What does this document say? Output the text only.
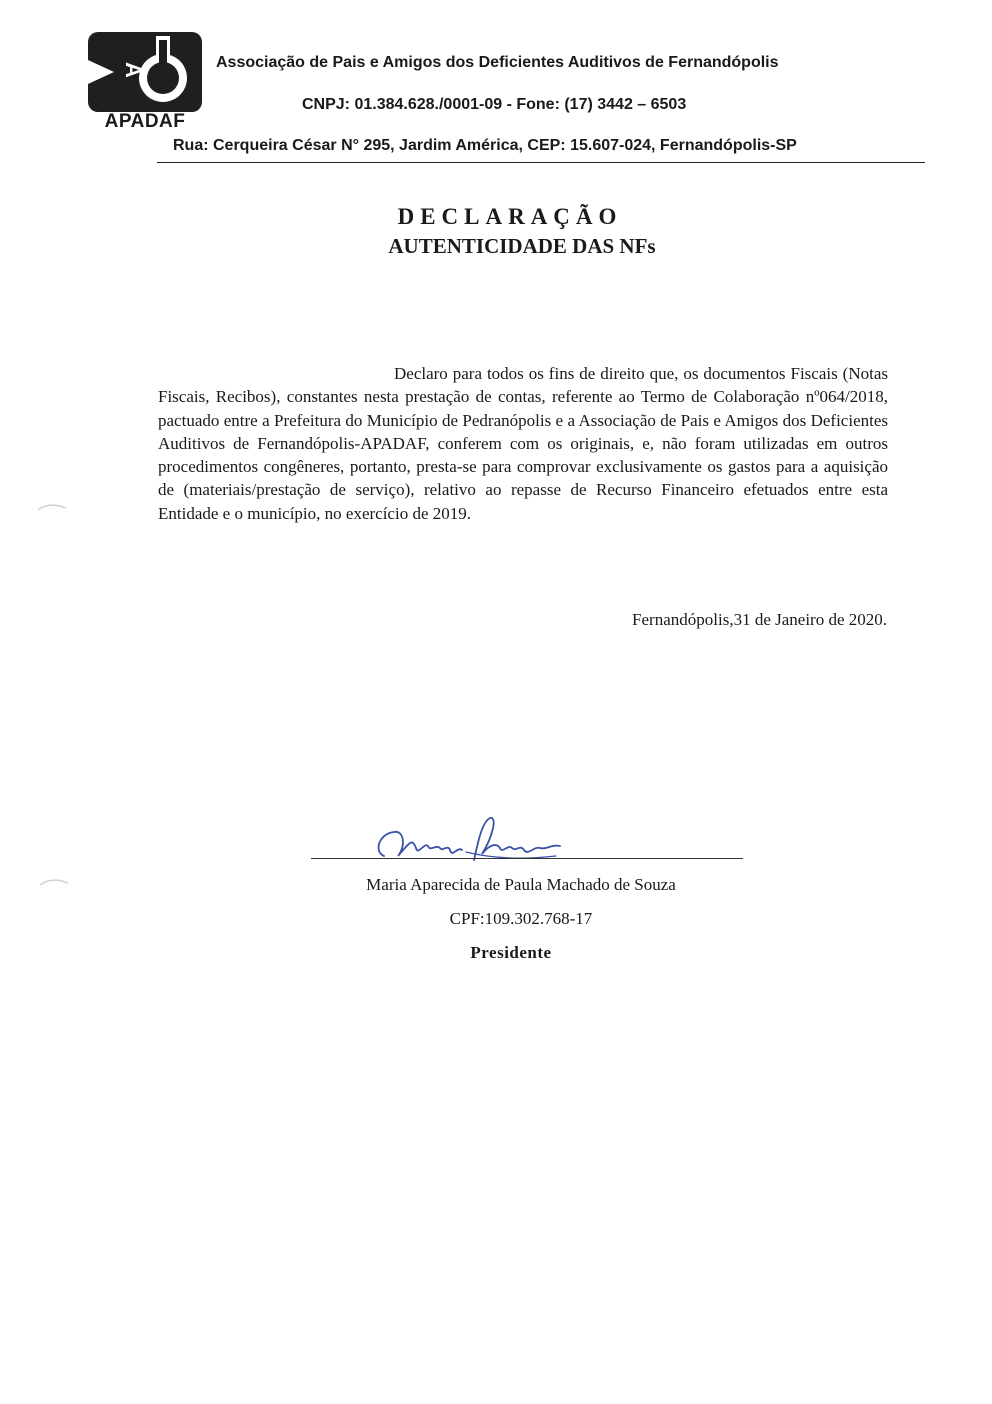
A
APADAF
Associação de Pais e Amigos dos Deficientes Auditivos de Fernandópolis
CNPJ: 01.384.628./0001-09 - Fone: (17) 3442 – 6503
Rua: Cerqueira César N° 295, Jardim América, CEP: 15.607-024, Fernandópolis-SP
DECLARAÇÃO
AUTENTICIDADE DAS NFs
Declaro para todos os fins de direito que, os documentos Fiscais (Notas Fiscais, Recibos), constantes nesta prestação de contas, referente ao Termo de Colaboração nº064/2018, pactuado entre a Prefeitura do Município de Pedranópolis e a Associação de Pais e Amigos dos Deficientes Auditivos de Fernandópolis-APADAF, conferem com os originais, e, não foram utilizadas em outros procedimentos congêneres, portanto, presta-se para comprovar exclusivamente os gastos para a aquisição de (materiais/prestação de serviço), relativo ao repasse de Recurso Financeiro efetuados entre esta Entidade e o município, no exercício de 2019.
Fernandópolis,31 de Janeiro de 2020.
Maria Aparecida de Paula Machado de Souza
CPF:109.302.768-17
Presidente
